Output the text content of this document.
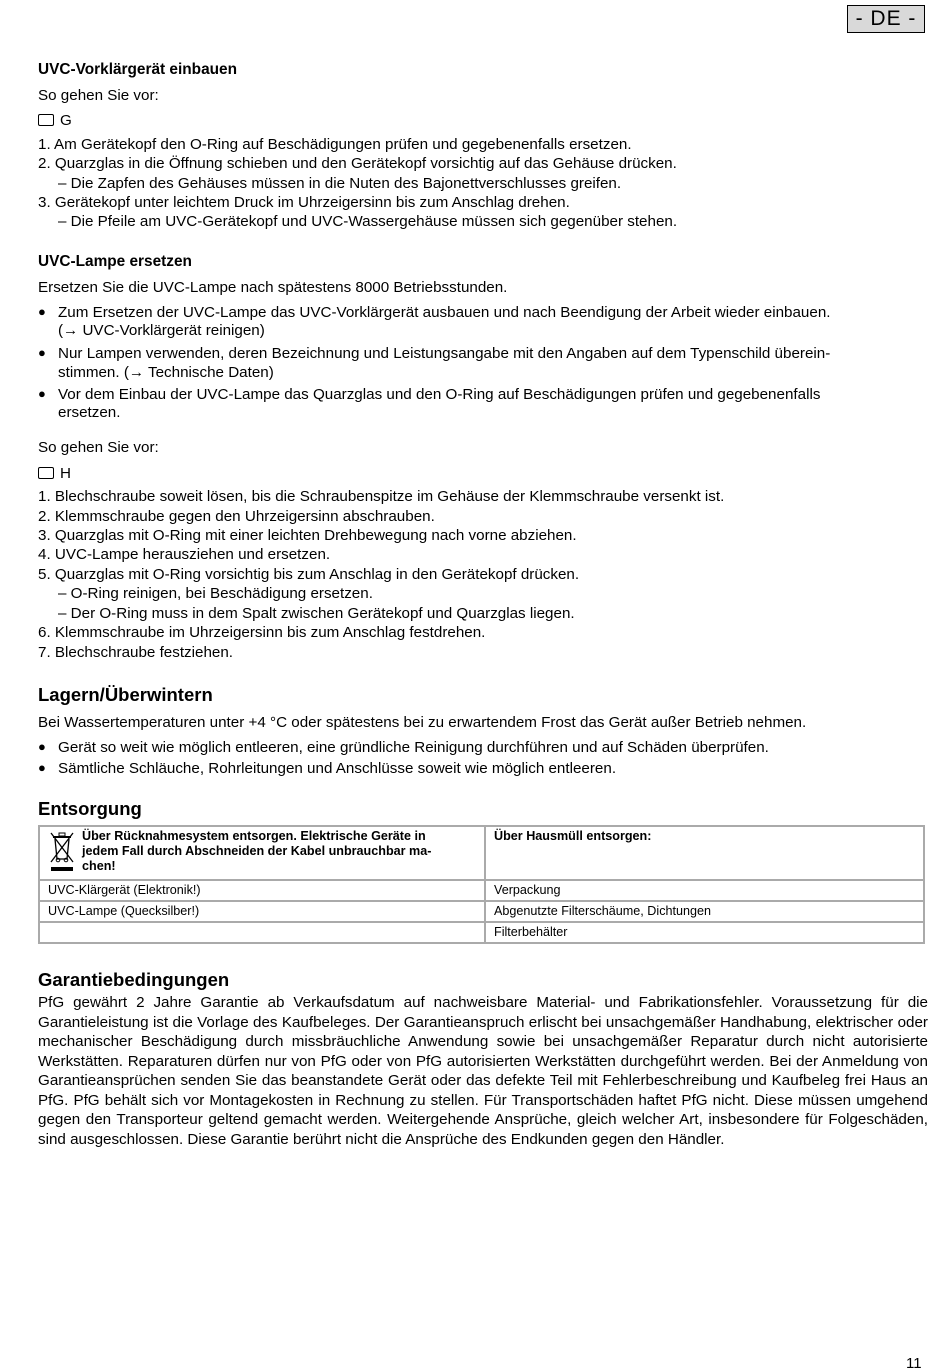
- DE -
UVC-Vorklärgerät einbauen
So gehen Sie vor:
G
1. Am Gerätekopf den O-Ring auf Beschädigungen prüfen und gegebenenfalls ersetzen.
2. Quarzglas in die Öffnung schieben und den Gerätekopf vorsichtig auf das Gehäuse drücken.
– Die Zapfen des Gehäuses müssen in die Nuten des Bajonettverschlusses greifen.
3. Gerätekopf unter leichtem Druck im Uhrzeigersinn bis zum Anschlag drehen.
– Die Pfeile am UVC-Gerätekopf und UVC-Wassergehäuse müssen sich gegenüber stehen.
UVC-Lampe ersetzen
Ersetzen Sie die UVC-Lampe nach spätestens 8000 Betriebsstunden.
● Zum Ersetzen der UVC-Lampe das UVC-Vorklärgerät ausbauen und nach Beendigung der Arbeit wieder einbauen.
(→ UVC-Vorklärgerät reinigen)
● Nur Lampen verwenden, deren Bezeichnung und Leistungsangabe mit den Angaben auf dem Typenschild überein-
stimmen. (→ Technische Daten)
● Vor dem Einbau der UVC-Lampe das Quarzglas und den O-Ring auf Beschädigungen prüfen und gegebenenfalls
ersetzen.
So gehen Sie vor:
H
1. Blechschraube soweit lösen, bis die Schraubenspitze im Gehäuse der Klemmschraube versenkt ist.
2. Klemmschraube gegen den Uhrzeigersinn abschrauben.
3. Quarzglas mit O-Ring mit einer leichten Drehbewegung nach vorne abziehen.
4. UVC-Lampe herausziehen und ersetzen.
5. Quarzglas mit O-Ring vorsichtig bis zum Anschlag in den Gerätekopf drücken.
– O-Ring reinigen, bei Beschädigung ersetzen.
– Der O-Ring muss in dem Spalt zwischen Gerätekopf und Quarzglas liegen.
6. Klemmschraube im Uhrzeigersinn bis zum Anschlag festdrehen.
7. Blechschraube festziehen.
Lagern/Überwintern
Bei Wassertemperaturen unter +4 °C oder spätestens bei zu erwartendem Frost das Gerät außer Betrieb nehmen.
● Gerät so weit wie möglich entleeren, eine gründliche Reinigung durchführen und auf Schäden überprüfen.
● Sämtliche Schläuche, Rohrleitungen und Anschlüsse soweit wie möglich entleeren.
Entsorgung
Garantiebedingungen
PfG gewährt 2 Jahre Garantie ab Verkaufsdatum auf nachweisbare Material- und Fabrikationsfehler. Voraussetzung für die Garantieleistung ist die Vorlage des Kaufbeleges. Der Garantieanspruch erlischt bei unsachgemäßer Handhabung, elektrischer oder mechanischer Beschädigung durch missbräuchliche Anwendung sowie bei unsachgemäßer Reparatur durch nicht autorisierte Werkstätten. Reparaturen dürfen nur von PfG oder von PfG autorisierten Werkstätten durchgeführt werden. Bei der Anmeldung von Garantieansprüchen senden Sie das beanstandete Gerät oder das defekte Teil mit Fehlerbeschreibung und Kaufbeleg frei Haus an PfG. PfG behält sich vor Montagekosten in Rechnung zu stellen. Für Transportschäden haftet PfG nicht. Diese müssen umgehend gegen den Transporteur geltend gemacht werden. Weitergehende Ansprüche, gleich welcher Art, insbesondere für Folgeschäden, sind ausgeschlossen. Diese Garantie berührt nicht die Ansprüche des Endkunden gegen den Händler.
Über Rücknahmesystem entsorgen. Elektrische Geräte in jedem Fall durch Abschneiden der Kabel unbrauchbar ma-chen!	Über Hausmüll entsorgen:
UVC-Klärgerät (Elektronik!)	Verpackung
UVC-Lampe (Quecksilber!)	Abgenutzte Filterschäume, Dichtungen
	Filterbehälter
11
